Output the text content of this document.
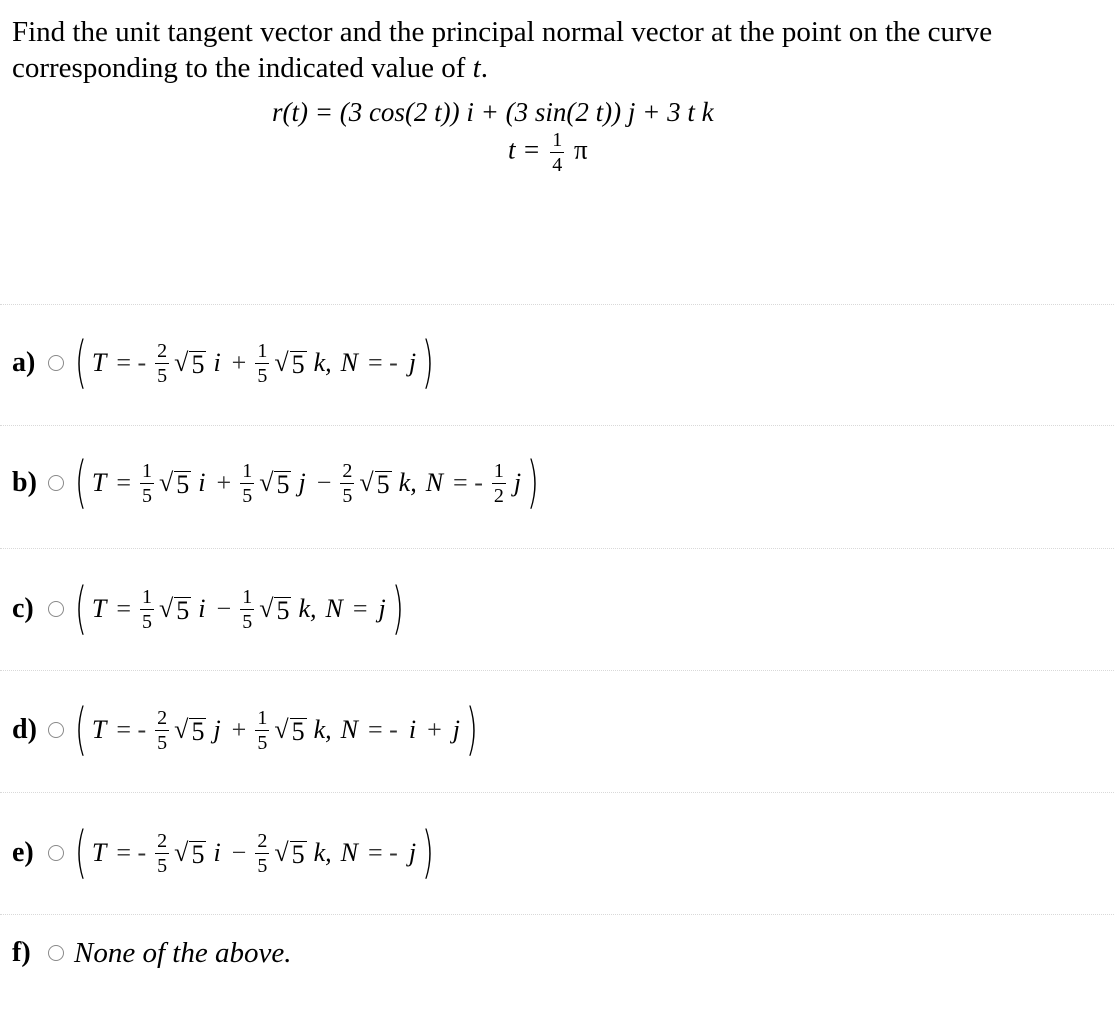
Find the unit tangent vector and the principal normal vector at the point on the curve corresponding to the indicated value of t.
r(t) = (3 cos(2 t)) i + (3 sin(2 t)) j + 3 t k
$t = \frac{1}{4}$ π
a) ( T = - $\frac{2}{5}$ √ 5 $i + \frac{1}{5}$ √ 5 k, N = - j )
b) ( $T = \frac{1}{5}$ √ 5 $i + \frac{1}{5}$ √ 5 $j - \frac{2}{5}$ √ 5 k, N = - $\frac{1}{2}$ j )
c) ( $T = \frac{1}{5}$ √ 5 $i - \frac{1}{5}$ √ 5 k, N = j )
d) ( T = - $\frac{2}{5}$ √ 5 $j + \frac{1}{5}$ √ 5 k, N = - i + j )
e) ( T = - $\frac{2}{5}$ √ 5 $i - \frac{2}{5}$ √ 5 k, N = - j )
f)	None of the above.
